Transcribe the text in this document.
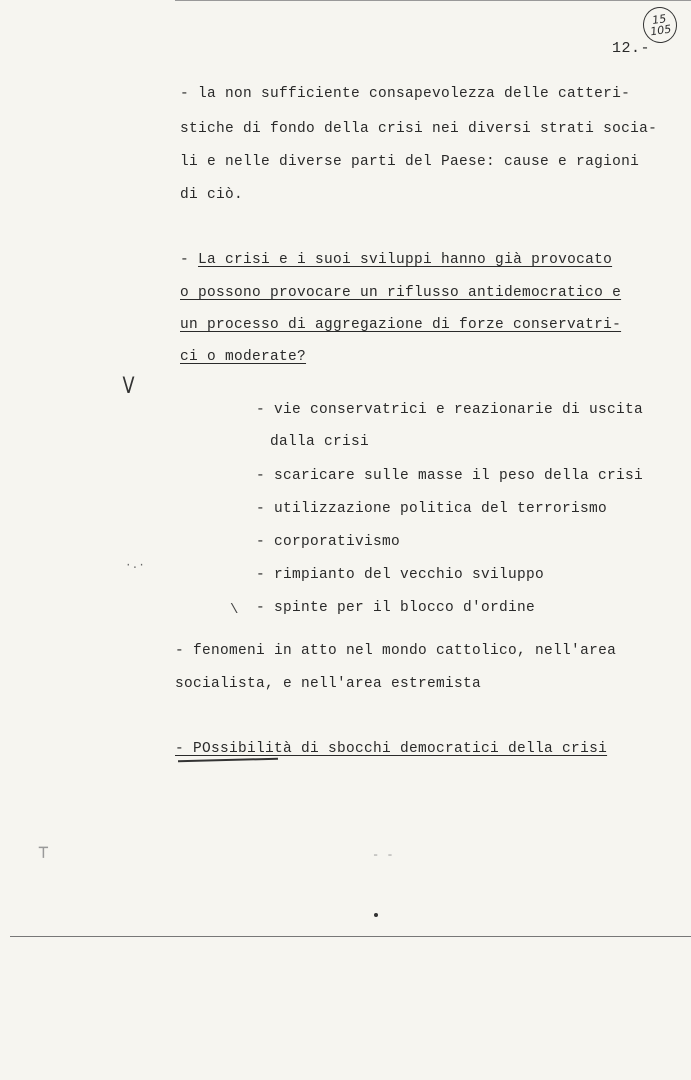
15
105
12.-
- la non sufficiente consapevolezza delle catteri-
stiche di fondo della crisi nei diversi strati socia-
li e nelle diverse parti del Paese: cause e ragioni
di ciò.
- La crisi e i suoi sviluppi hanno già provocato
o possono provocare un riflusso antidemocratico e
un processo di aggregazione di forze conservatri-
ci o moderate?
V
- vie conservatrici e reazionarie di uscita
dalla crisi
- scaricare sulle masse il peso della crisi
- utilizzazione politica del terrorismo
- corporativismo
- rimpianto del vecchio sviluppo
- spinte per il blocco d'ordine
·.·
\
- fenomeni in atto nel mondo cattolico, nell'area
socialista, e nell'area estremista
- POssibilità di sbocchi democratici della crisi
⊤	- -
